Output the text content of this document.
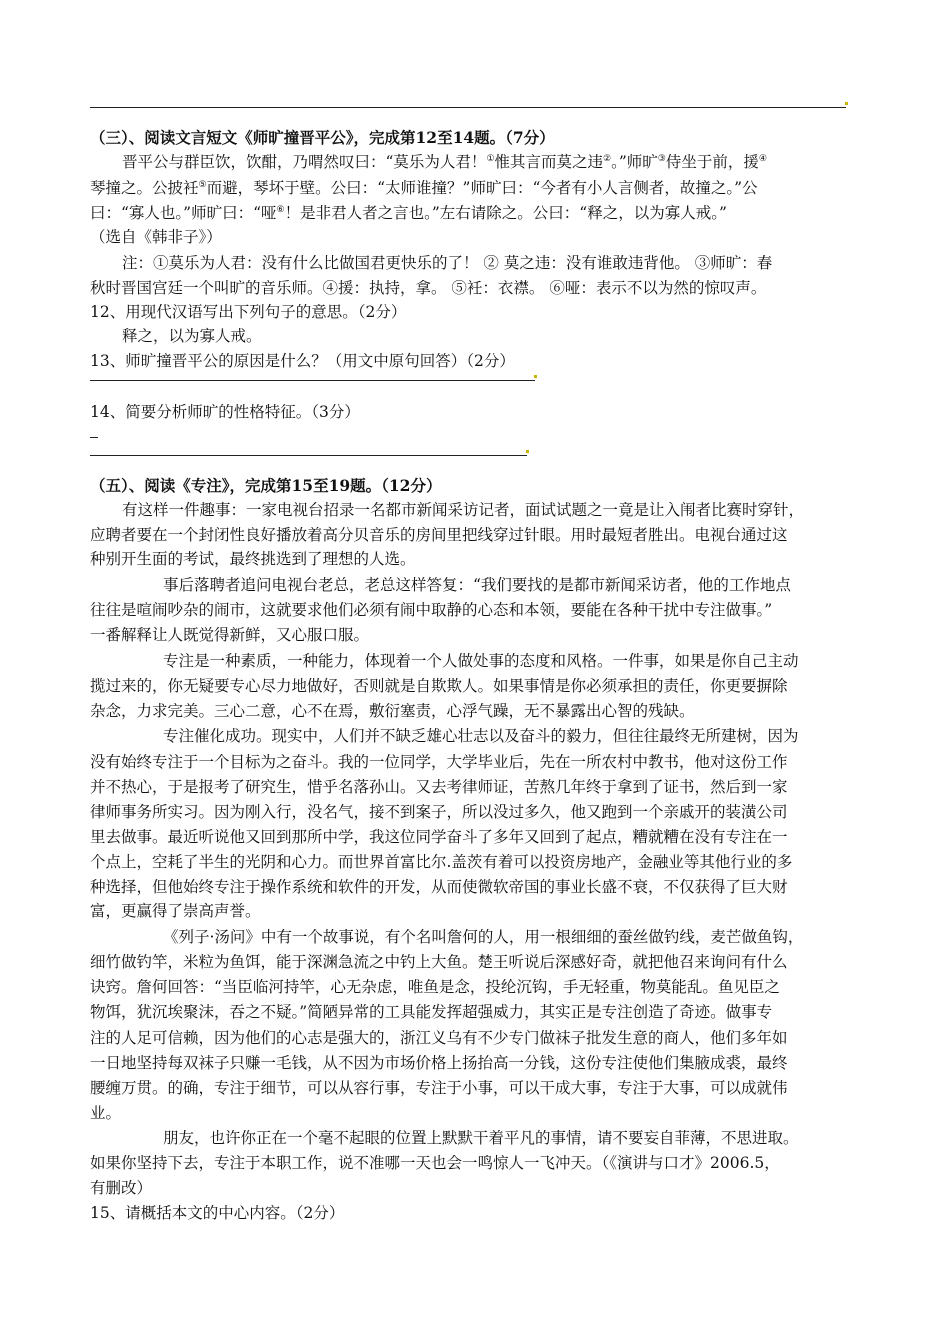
（三）、阅读文言短文《师旷撞晋平公》，完成第12至14题。（7分）
晋平公与群臣饮，饮酣，乃喟然叹曰：“莫乐为人君！①惟其言而莫之违②。”师旷③侍坐于前，援④
琴撞之。公披衽⑤而避，琴坏于壁。公曰：“太师谁撞？”师旷曰：“今者有小人言侧者，故撞之。”公
曰：“寡人也。”师旷曰：“哑⑥！是非君人者之言也。”左右请除之。公曰：“释之，以为寡人戒。”
（选自《韩非子》）
注：①莫乐为人君：没有什么比做国君更快乐的了！ ② 莫之违：没有谁敢违背他。 ③师旷：春
秋时晋国宫廷一个叫旷的音乐师。④援：执持，拿。 ⑤衽：衣襟。 ⑥哑：表示不以为然的惊叹声。
12、用现代汉语写出下列句子的意思。（2分）
释之，以为寡人戒。
13、师旷撞晋平公的原因是什么？（用文中原句回答）（2分）
14、简要分析师旷的性格特征。（3分）
（五）、阅读《专注》，完成第15至19题。（12分）
有这样一件趣事：一家电视台招录一名都市新闻采访记者，面试试题之一竟是让入闱者比赛时穿针，
应聘者要在一个封闭性良好播放着高分贝音乐的房间里把线穿过针眼。用时最短者胜出。电视台通过这
种别开生面的考试，最终挑选到了理想的人选。
事后落聘者追问电视台老总，老总这样答复：“我们要找的是都市新闻采访者，他的工作地点
往往是喧闹吵杂的闹市，这就要求他们必须有闹中取静的心态和本领，要能在各种干扰中专注做事。”
一番解释让人既觉得新鲜，又心服口服。
专注是一种素质，一种能力，体现着一个人做处事的态度和风格。一件事，如果是你自己主动
揽过来的，你无疑要专心尽力地做好，否则就是自欺欺人。如果事情是你必须承担的责任，你更要摒除
杂念，力求完美。三心二意，心不在焉，敷衍塞责，心浮气躁，无不暴露出心智的残缺。
专注催化成功。现实中，人们并不缺乏雄心壮志以及奋斗的毅力，但往往最终无所建树，因为
没有始终专注于一个目标为之奋斗。我的一位同学，大学毕业后，先在一所农村中教书，他对这份工作
并不热心，于是报考了研究生，惜乎名落孙山。又去考律师证，苦熬几年终于拿到了证书，然后到一家
律师事务所实习。因为刚入行，没名气，接不到案子，所以没过多久，他又跑到一个亲戚开的装潢公司
里去做事。最近听说他又回到那所中学，我这位同学奋斗了多年又回到了起点，糟就糟在没有专注在一
个点上，空耗了半生的光阴和心力。而世界首富比尔.盖茨有着可以投资房地产，金融业等其他行业的多
种选择，但他始终专注于操作系统和软件的开发，从而使微软帝国的事业长盛不衰，不仅获得了巨大财
富，更赢得了崇高声誉。
《列子·汤问》中有一个故事说，有个名叫詹何的人，用一根细细的蚕丝做钓线，麦芒做鱼钩，
细竹做钓竿，米粒为鱼饵，能于深渊急流之中钓上大鱼。楚王听说后深感好奇，就把他召来询问有什么
诀窍。詹何回答：“当臣临河持竿，心无杂虑，唯鱼是念，投纶沉钩，手无轻重，物莫能乱。鱼见臣之
物饵，犹沉埃聚沫，吞之不疑。”简陋异常的工具能发挥超强威力，其实正是专注创造了奇迹。做事专
注的人足可信赖，因为他们的心志是强大的，浙江义乌有不少专门做袜子批发生意的商人，他们多年如
一日地坚持每双袜子只赚一毛钱，从不因为市场价格上扬抬高一分钱，这份专注使他们集腋成裘，最终
腰缠万贯。的确，专注于细节，可以从容行事，专注于小事，可以干成大事，专注于大事，可以成就伟
业。
朋友，也许你正在一个毫不起眼的位置上默默干着平凡的事情，请不要妄自菲薄，不思进取。
如果你坚持下去，专注于本职工作，说不准哪一天也会一鸣惊人一飞冲天。（《演讲与口才》2006.5，
有删改）
15、请概括本文的中心内容。（2分）
